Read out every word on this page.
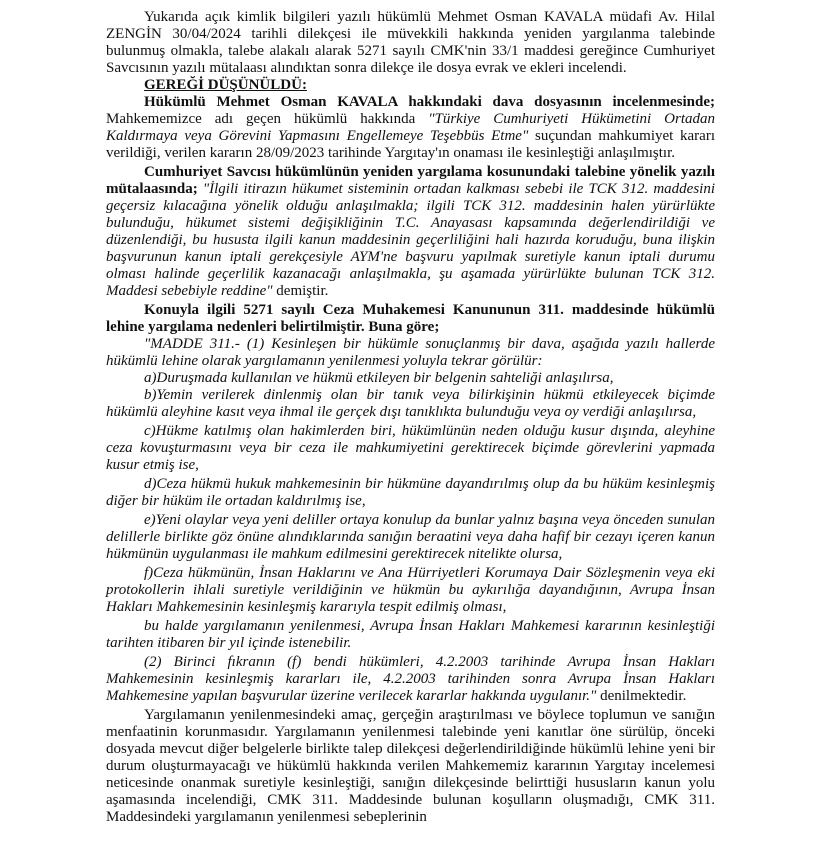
Yukarıda açık kimlik bilgileri yazılı hükümlü Mehmet Osman KAVALA müdafi Av. Hilal ZENGİN 30/04/2024 tarihli dilekçesi ile müvekkili hakkında yeniden yargılanma talebinde bulunmuş olmakla, talebe alakalı alarak 5271 sayılı CMK'nin 33/1 maddesi gereğince Cumhuriyet Savcısının yazılı mütalaası alındıktan sonra dilekçe ile dosya evrak ve ekleri incelendi.

GEREĞİ DÜŞÜNÜLDÜ:

Hükümlü Mehmet Osman KAVALA hakkındaki dava dosyasının incelenmesinde; Mahkememizce adı geçen hükümlü hakkında "Türkiye Cumhuriyeti Hükümetini Ortadan Kaldırmaya veya Görevini Yapmasını Engellemeye Teşebbüs Etme" suçundan mahkumiyet kararı verildiği, verilen kararın 28/09/2023 tarihinde Yargıtay'ın onaması ile kesinleştiği anlaşılmıştır.

Cumhuriyet Savcısı hükümlünün yeniden yargılama kosunundaki talebine yönelik yazılı mütalaasında; "İlgili itirazın hükumet sisteminin ortadan kalkması sebebi ile TCK 312. maddesini geçersiz kılacağına yönelik olduğu anlaşılmakla; ilgili TCK 312. maddesinin halen yürürlükte bulunduğu, hükumet sistemi değişikliğinin T.C. Anayasası kapsamında değerlendirildiği ve düzenlendiği, bu hususta ilgili kanun maddesinin geçerliliğini hali hazırda koruduğu, buna ilişkin başvurunun kanun iptali gerekçesiyle AYM'ne başvuru yapılmak suretiyle kanun iptali durumu olması halinde geçerlilik kazanacağı anlaşılmakla, şu aşamada yürürlükte bulunan TCK 312. Maddesi sebebiyle reddine" demiştir.

Konuyla ilgili 5271 sayılı Ceza Muhakemesi Kanununun 311. maddesinde hükümlü lehine yargılama nedenleri belirtilmiştir. Buna göre;

"MADDE 311.- (1) Kesinleşen bir hükümle sonuçlanmış bir dava, aşağıda yazılı hallerde hükümlü lehine olarak yargılamanın yenilenmesi yoluyla tekrar görülür:

a)Duruşmada kullanılan ve hükmü etkileyen bir belgenin sahteliği anlaşılırsa,

b)Yemin verilerek dinlenmiş olan bir tanık veya bilirkişinin hükmü etkileyecek biçimde hükümlü aleyhine kasıt veya ihmal ile gerçek dışı tanıklıkta bulunduğu veya oy verdiği anlaşılırsa,

c)Hükme katılmış olan hakimlerden biri, hükümlünün neden olduğu kusur dışında, aleyhine ceza kovuşturmasını veya bir ceza ile mahkumiyetini gerektirecek biçimde görevlerini yapmada kusur etmiş ise,

d)Ceza hükmü hukuk mahkemesinin bir hükmüne dayandırılmış olup da bu hüküm kesinleşmiş diğer bir hüküm ile ortadan kaldırılmış ise,

e)Yeni olaylar veya yeni deliller ortaya konulup da bunlar yalnız başına veya önceden sunulan delillerle birlikte göz önüne alındıklarında sanığın beraatini veya daha hafif bir cezayı içeren kanun hükmünün uygulanması ile mahkum edilmesini gerektirecek nitelikte olursa,

f)Ceza hükmünün, İnsan Haklarını ve Ana Hürriyetleri Korumaya Dair Sözleşmenin veya eki protokollerin ihlali suretiyle verildiğinin ve hükmün bu aykırılığa dayandığının, Avrupa İnsan Hakları Mahkemesinin kesinleşmiş kararıyla tespit edilmiş olması,

bu halde yargılamanın yenilenmesi, Avrupa İnsan Hakları Mahkemesi kararının kesinleştiği tarihten itibaren bir yıl içinde istenebilir.

(2) Birinci fıkranın (f) bendi hükümleri, 4.2.2003 tarihinde Avrupa İnsan Hakları Mahkemesinin kesinleşmiş kararları ile, 4.2.2003 tarihinden sonra Avrupa İnsan Hakları Mahkemesine yapılan başvurular üzerine verilecek kararlar hakkında uygulanır." denilmektedir.

Yargılamanın yenilenmesindeki amaç, gerçeğin araştırılması ve böylece toplumun ve sanığın menfaatinin korunmasıdır. Yargılamanın yenilenmesi talebinde yeni kanıtlar öne sürülüp, önceki dosyada mevcut diğer belgelerle birlikte talep dilekçesi değerlendirildiğinde hükümlü lehine yeni bir durum oluşturmayacağı ve hükümlü hakkında verilen Mahkememiz kararının Yargıtay incelemesi neticesinde onanmak suretiyle kesinleştiği, sanığın dilekçesinde belirttiği hususların kanun yolu aşamasında incelendiği, CMK 311. Maddesinde bulunan koşulların oluşmadığı, CMK 311. Maddesindeki yargılamanın yenilenmesi sebeplerinin
